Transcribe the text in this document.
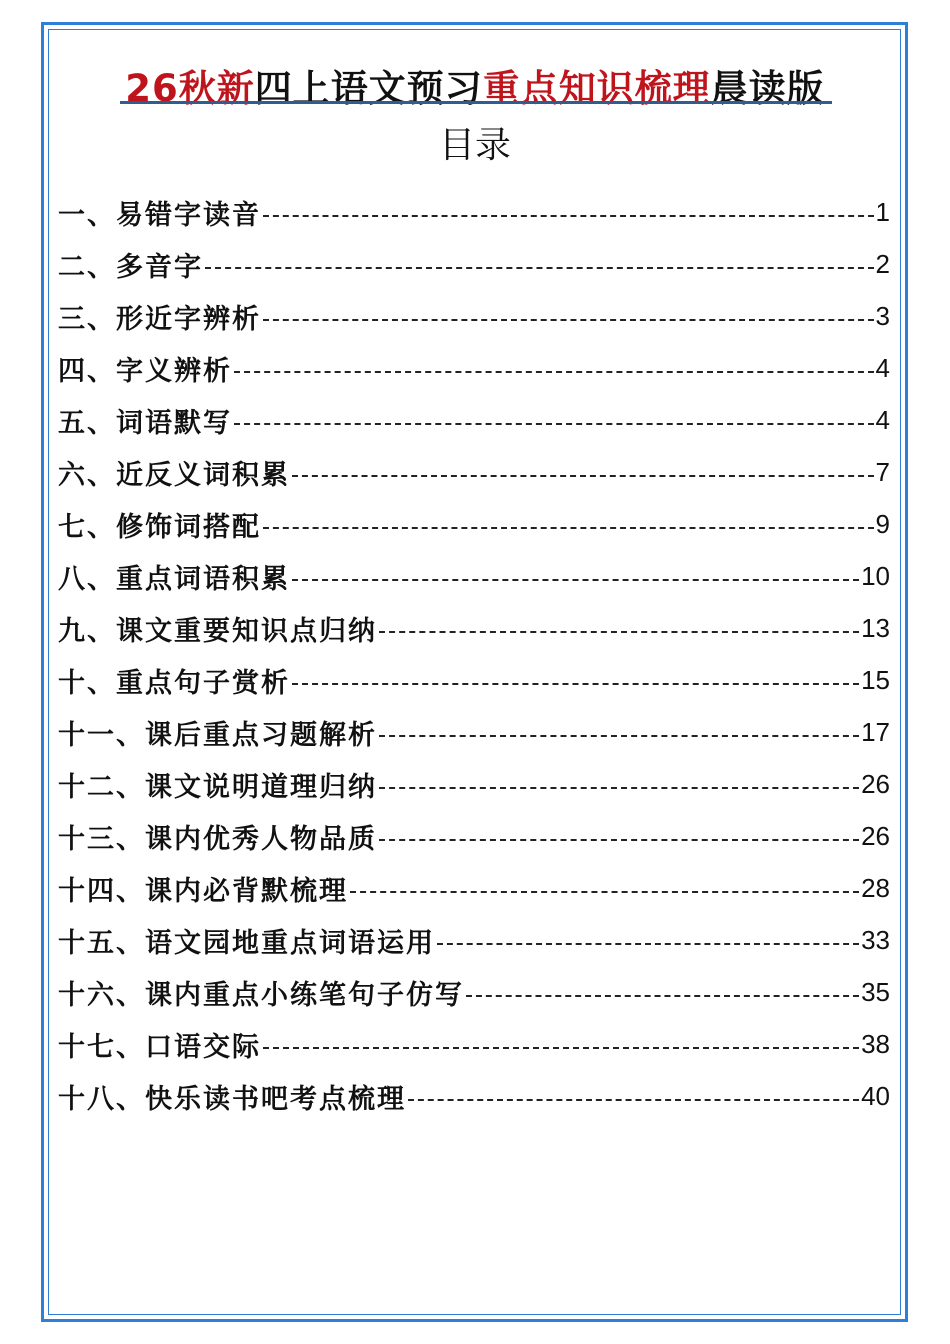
26秋新四上语文预习重点知识梳理晨读版
目录
一、易错字读音	1
二、多音字	2
三、形近字辨析	3
四、字义辨析	4
五、词语默写	4
六、近反义词积累	7
七、修饰词搭配	9
八、重点词语积累	10
九、课文重要知识点归纳	13
十、重点句子赏析	15
十一、课后重点习题解析	17
十二、课文说明道理归纳	26
十三、课内优秀人物品质	26
十四、课内必背默梳理	28
十五、语文园地重点词语运用	33
十六、课内重点小练笔句子仿写	35
十七、口语交际	38
十八、快乐读书吧考点梳理	40
